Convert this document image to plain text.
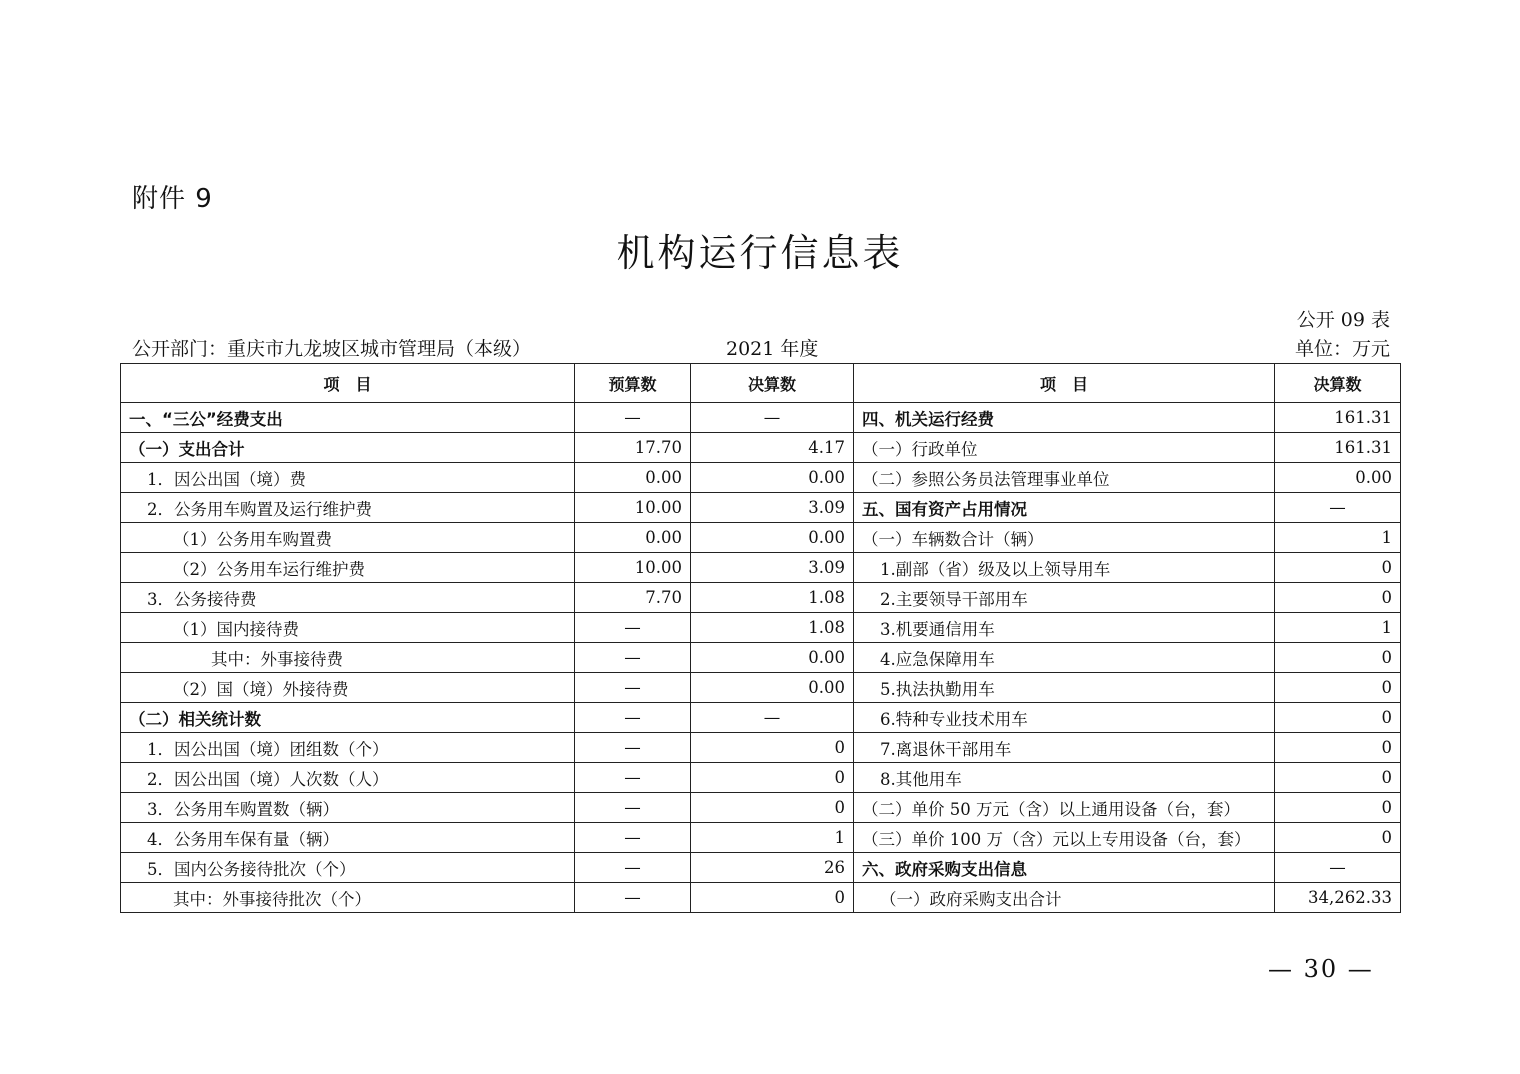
附件 9
机构运行信息表
公开 09 表
公开部门：重庆市九龙坡区城市管理局（本级）	2021 年度	单位：万元
项　目	预算数	决算数	项　目	决算数
一、“三公”经费支出	—	—	四、机关运行经费	161.31
（一）支出合计	17.70	4.17	（一）行政单位	161.31
1．因公出国（境）费	0.00	0.00	（二）参照公务员法管理事业单位	0.00
2．公务用车购置及运行维护费	10.00	3.09	五、国有资产占用情况	—
（1）公务用车购置费	0.00	0.00	（一）车辆数合计（辆）	1
（2）公务用车运行维护费	10.00	3.09	1.副部（省）级及以上领导用车	0
3．公务接待费	7.70	1.08	2.主要领导干部用车	0
（1）国内接待费	—	1.08	3.机要通信用车	1
其中：外事接待费	—	0.00	4.应急保障用车	0
（2）国（境）外接待费	—	0.00	5.执法执勤用车	0
（二）相关统计数	—	—	6.特种专业技术用车	0
1．因公出国（境）团组数（个）	—	0	7.离退休干部用车	0
2．因公出国（境）人次数（人）	—	0	8.其他用车	0
3．公务用车购置数（辆）	—	0	（二）单价 50 万元（含）以上通用设备（台，套）	0
4．公务用车保有量（辆）	—	1	（三）单价 100 万（含）元以上专用设备（台，套）	0
5．国内公务接待批次（个）	—	26	六、政府采购支出信息	—
其中：外事接待批次（个）	—	0	（一）政府采购支出合计	34,262.33
— 30 —
